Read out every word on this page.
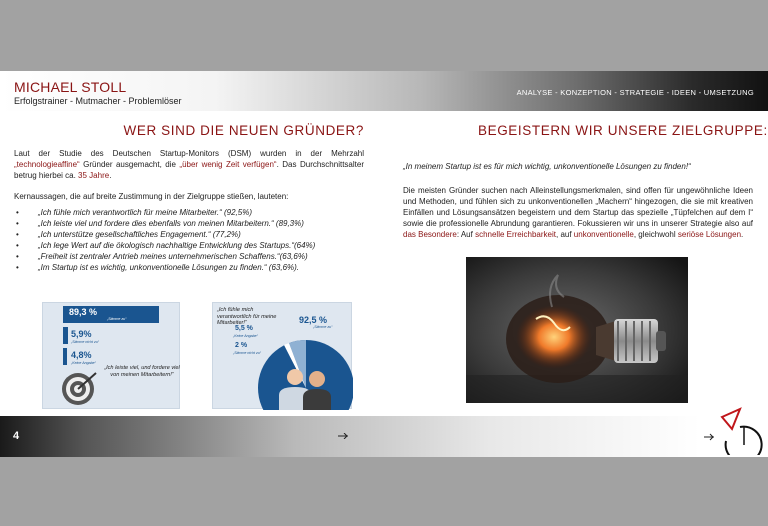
MICHAEL STOLL
Erfolgstrainer - Mutmacher - Problemlöser
ANALYSE - KONZEPTION - STRATEGIE - IDEEN - UMSETZUNG
WER SIND DIE NEUEN GRÜNDER?	BEGEISTERN WIR UNSERE ZIELGRUPPE:

Laut der Studie des Deutschen Startup-Monitors (DSM) wurden in der Mehrzahl „technologieaffine“ Gründer ausgemacht, die „über wenig Zeit verfügen“. Das Durchschnittsalter betrug hierbei ca. 35 Jahre.

Kernaussagen, die auf breite Zustimmung in der Zielgruppe stießen, lauteten:

• „Ich fühle mich verantwortlich für meine Mitarbeiter.“ (92,5%)
• „Ich leiste viel und fordere dies ebenfalls von meinen Mitarbeitern.“ (89,3%)
• „Ich unterstütze gesellschaftliches Engagement.“ (77,2%)
• „Ich lege Wert auf die ökologisch nachhaltige Entwicklung des Startups.“(64%)
• „Freiheit ist zentraler Antrieb meines unternehmerischen Schaffens.“(63,6%)
• „Im Startup ist es wichtig, unkonventionelle Lösungen zu finden.“ (63,6%).
89,3 %
„Stimme zu“
5,9%
„Stimme nicht zu“
4,8%
„Keine Angabe“
„Ich leiste viel, und fordere viel von meinen Mitarbeitern!“
„Ich fühle mich verantwortlich für meine Mitarbeiter!“	92,5 %
„Stimme zu“
5,5 %
„Keine Angabe“
2 %
„Stimme nicht zu“

„In meinem Startup ist es für mich wichtig, unkonventionelle Lösungen zu finden!“

Die meisten Gründer suchen nach Alleinstellungsmerkmalen, sind offen für ungewöhnliche Ideen und Methoden, und fühlen sich zu unkonventionellen „Machern“ hingezogen, die sie mit kreativen Einfällen und Lösungsansätzen begeistern und dem Startup das spezielle „Tüpfelchen auf dem I“ sowie die professionelle Abrundung garantieren. Fokussieren wir uns in unserer Strategie also auf das Besondere: Auf schnelle Erreichbarkeit, auf unkonventionelle, gleichwohl seriöse Lösungen.

4
